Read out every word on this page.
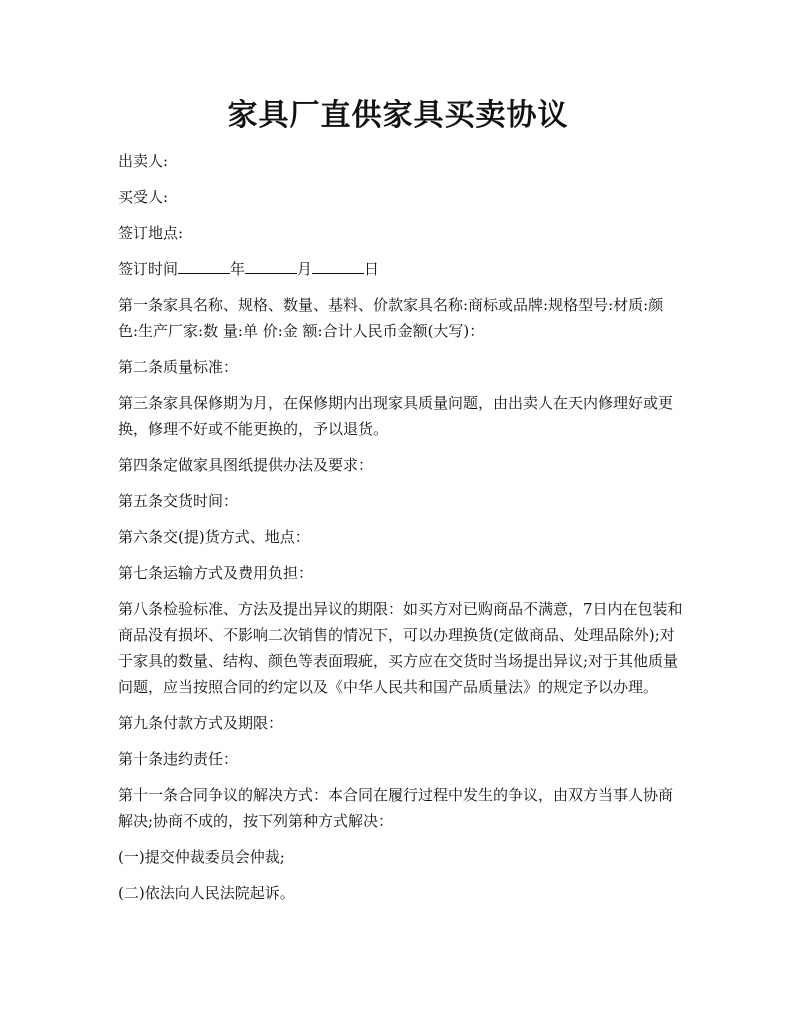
家具厂直供家具买卖协议

出卖人:

买受人:

签订地点:

签订时间	年	月	日

第一条家具名称、规格、数量、基料、价款家具名称:商标或品牌:规格型号:材质:颜 色:生产厂家:数 量:单 价:金 额:合计人民币金额(大写)：

第二条质量标准：

第三条家具保修期为月，在保修期内出现家具质量问题，由出卖人在天内修理好或更换，修理不好或不能更换的，予以退货。

第四条定做家具图纸提供办法及要求：

第五条交货时间：

第六条交(提)货方式、地点：

第七条运输方式及费用负担：

第八条检验标准、方法及提出异议的期限：如买方对已购商品不满意，7日内在包装和商品没有损坏、不影响二次销售的情况下，可以办理换货(定做商品、处理品除外);对于家具的数量、结构、颜色等表面瑕疵，买方应在交货时当场提出异议;对于其他质量问题，应当按照合同的约定以及《中华人民共和国产品质量法》的规定予以办理。

第九条付款方式及期限：

第十条违约责任：

第十一条合同争议的解决方式：本合同在履行过程中发生的争议，由双方当事人协商解决;协商不成的，按下列第种方式解决：

(一)提交仲裁委员会仲裁;

(二)依法向人民法院起诉。
